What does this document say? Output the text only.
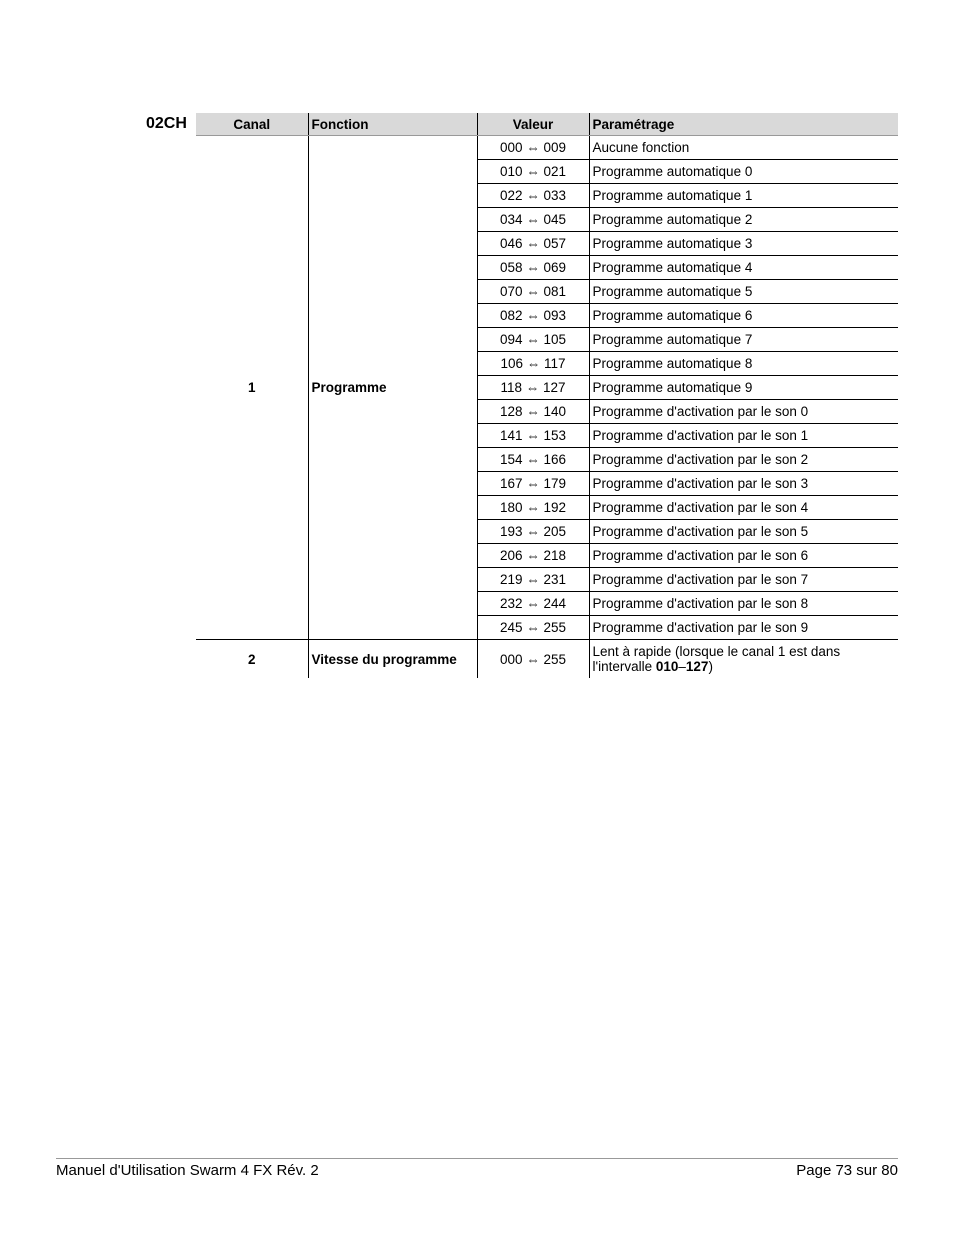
02CH	Canal	Fonction	Valeur	Paramétrage
1	Programme	000 ⇔ 009	Aucune fonction
		010 ⇔ 021	Programme automatique 0
		022 ⇔ 033	Programme automatique 1
		034 ⇔ 045	Programme automatique 2
		046 ⇔ 057	Programme automatique 3
		058 ⇔ 069	Programme automatique 4
		070 ⇔ 081	Programme automatique 5
		082 ⇔ 093	Programme automatique 6
		094 ⇔ 105	Programme automatique 7
		106 ⇔ 117	Programme automatique 8
		118 ⇔ 127	Programme automatique 9
		128 ⇔ 140	Programme d'activation par le son 0
		141 ⇔ 153	Programme d'activation par le son 1
		154 ⇔ 166	Programme d'activation par le son 2
		167 ⇔ 179	Programme d'activation par le son 3
		180 ⇔ 192	Programme d'activation par le son 4
		193 ⇔ 205	Programme d'activation par le son 5
		206 ⇔ 218	Programme d'activation par le son 6
		219 ⇔ 231	Programme d'activation par le son 7
		232 ⇔ 244	Programme d'activation par le son 8
		245 ⇔ 255	Programme d'activation par le son 9
2	Vitesse du programme	000 ⇔ 255	Lent à rapide (lorsque le canal 1 est dans l'intervalle 010–127)
Manuel d'Utilisation Swarm 4 FX Rév. 2	Page 73 sur 80
